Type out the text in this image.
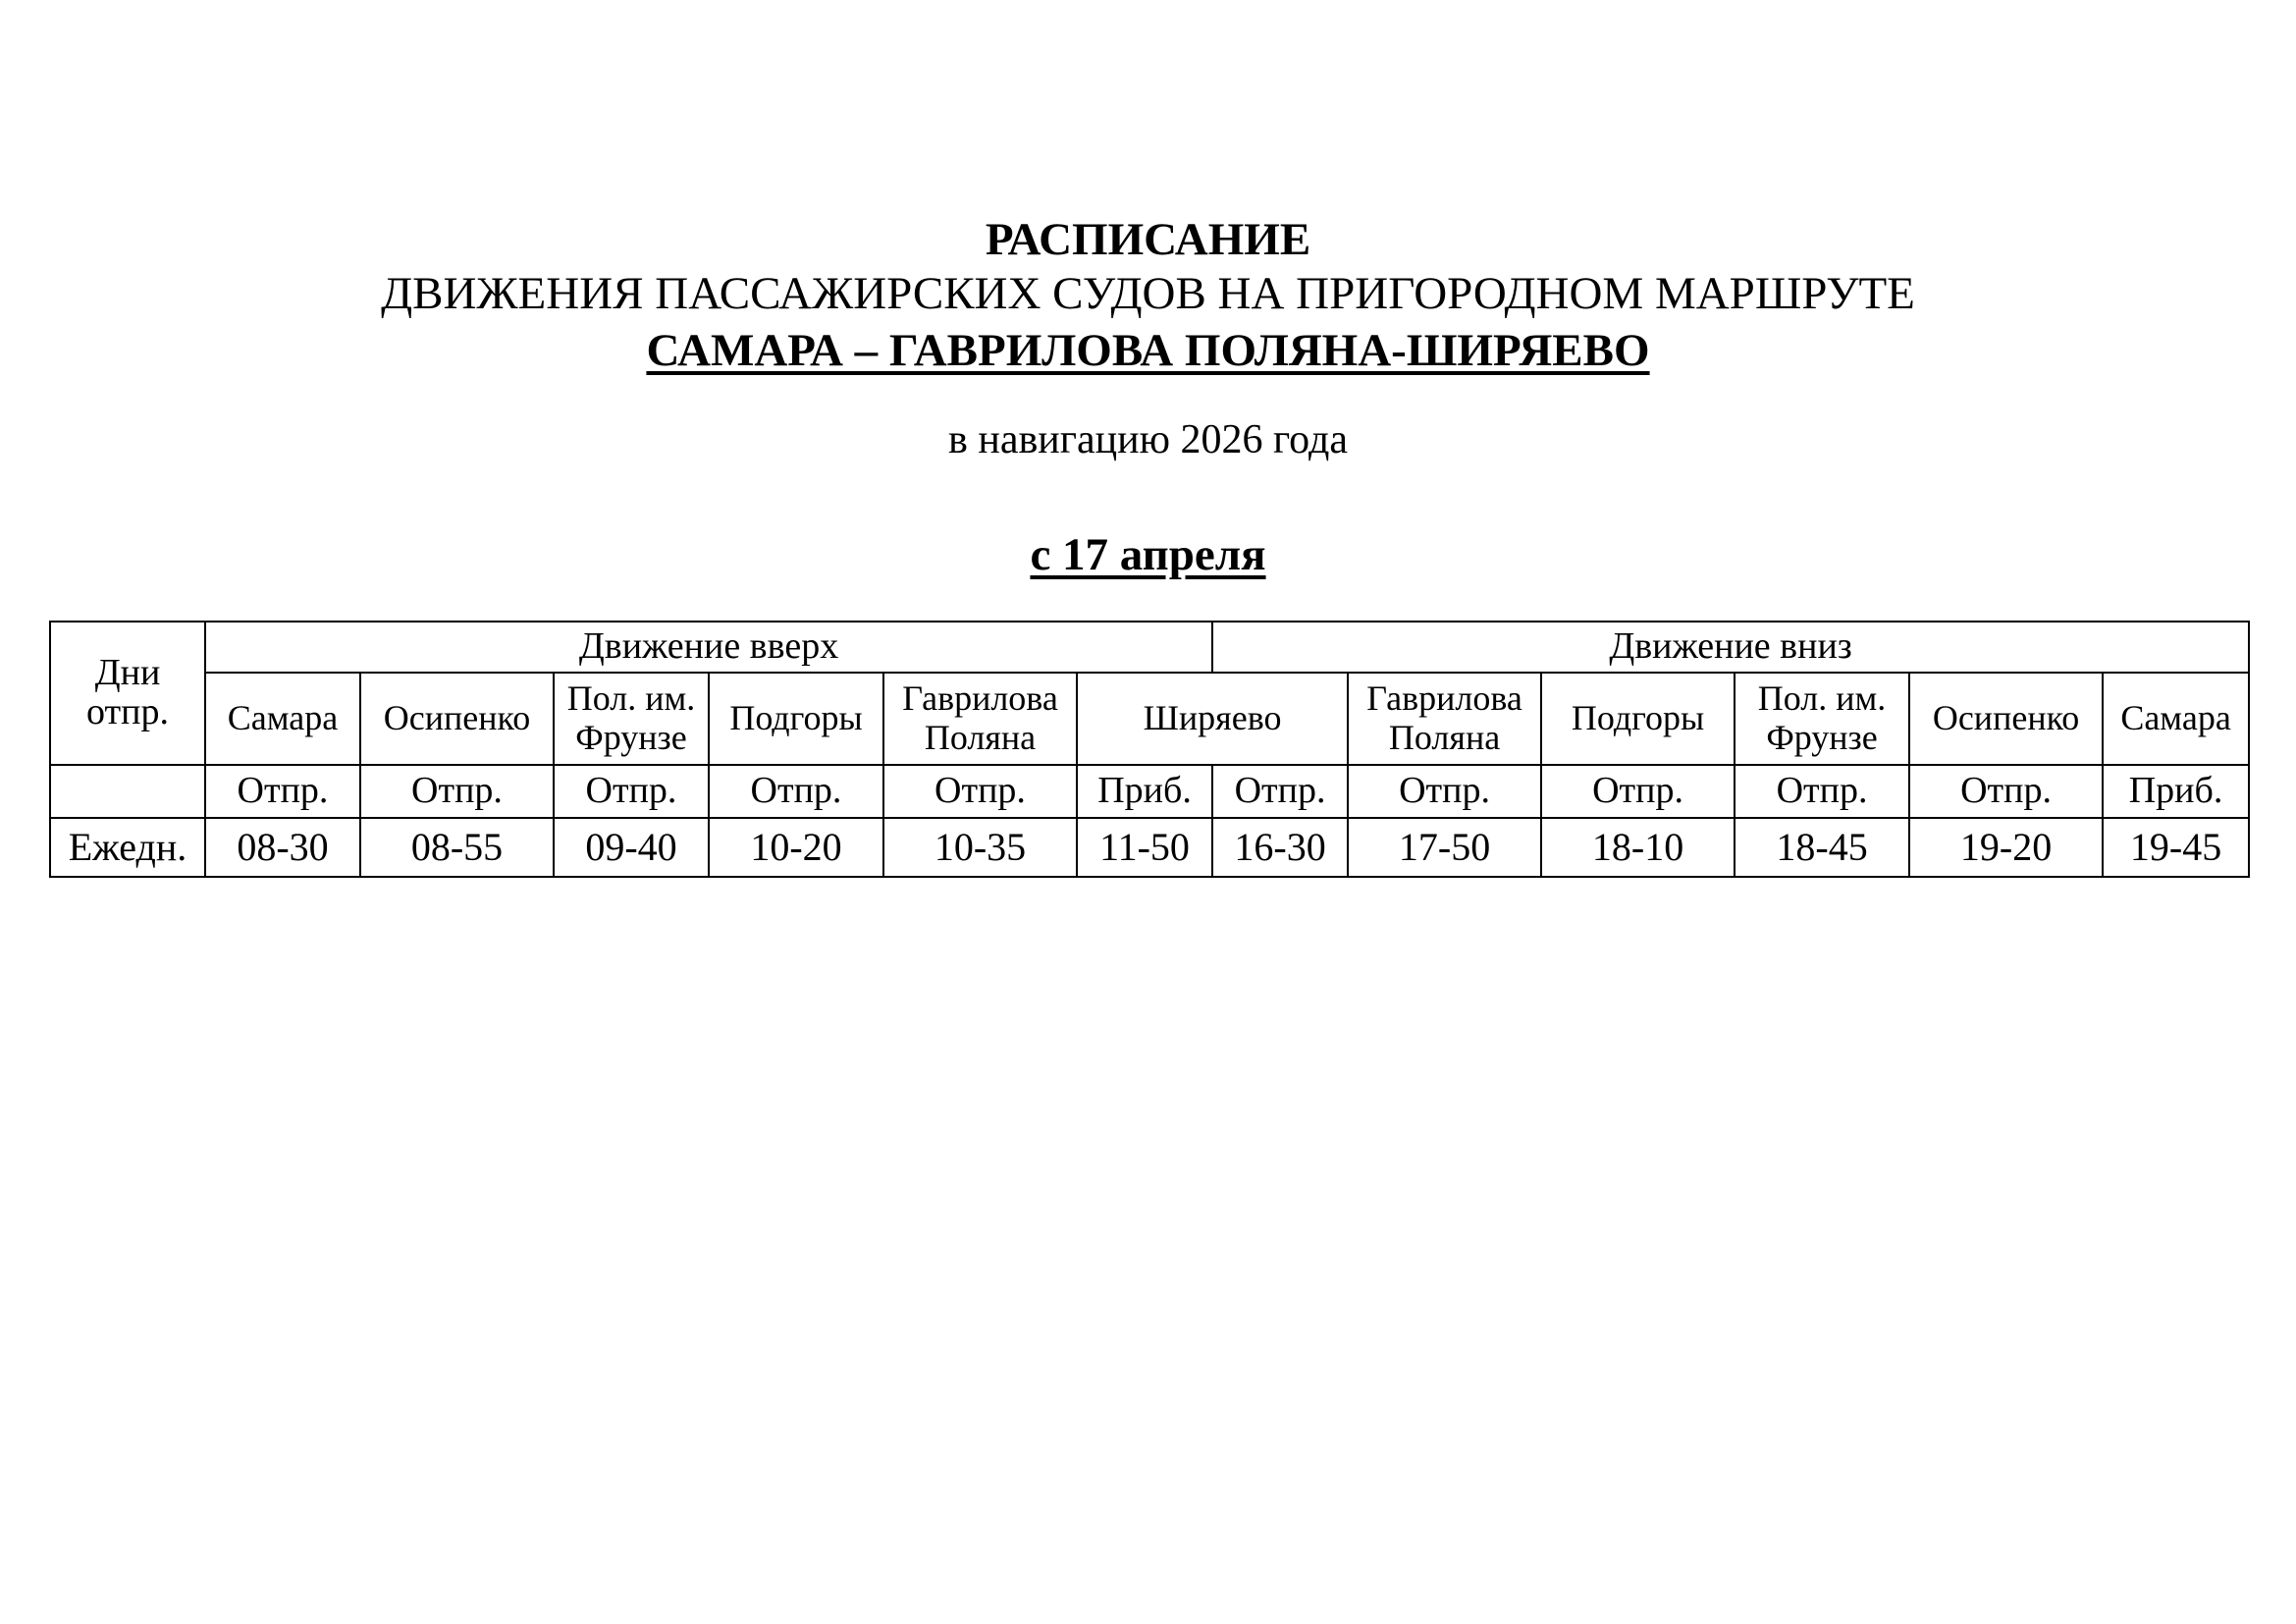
РАСПИСАНИЕ
ДВИЖЕНИЯ ПАССАЖИРСКИХ СУДОВ НА ПРИГОРОДНОМ МАРШРУТЕ
САМАРА – ГАВРИЛОВА ПОЛЯНА-ШИРЯЕВО
в навигацию 2026 года
с 17 апреля
Дни
отпр.	Движение вверх						Движение вниз					
	Самара	Осипенко	Пол. им. Фрунзе	Подгоры	Гаврилова Поляна	Ширяево		Гаврилова Поляна	Подгоры	Пол. им. Фрунзе	Осипенко	Самара
	Отпр.	Отпр.	Отпр.	Отпр.	Отпр.	Приб.	Отпр.	Отпр.	Отпр.	Отпр.	Отпр.	Приб.
Ежедн.	08-30	08-55	09-40	10-20	10-35	11-50	16-30	17-50	18-10	18-45	19-20	19-45
